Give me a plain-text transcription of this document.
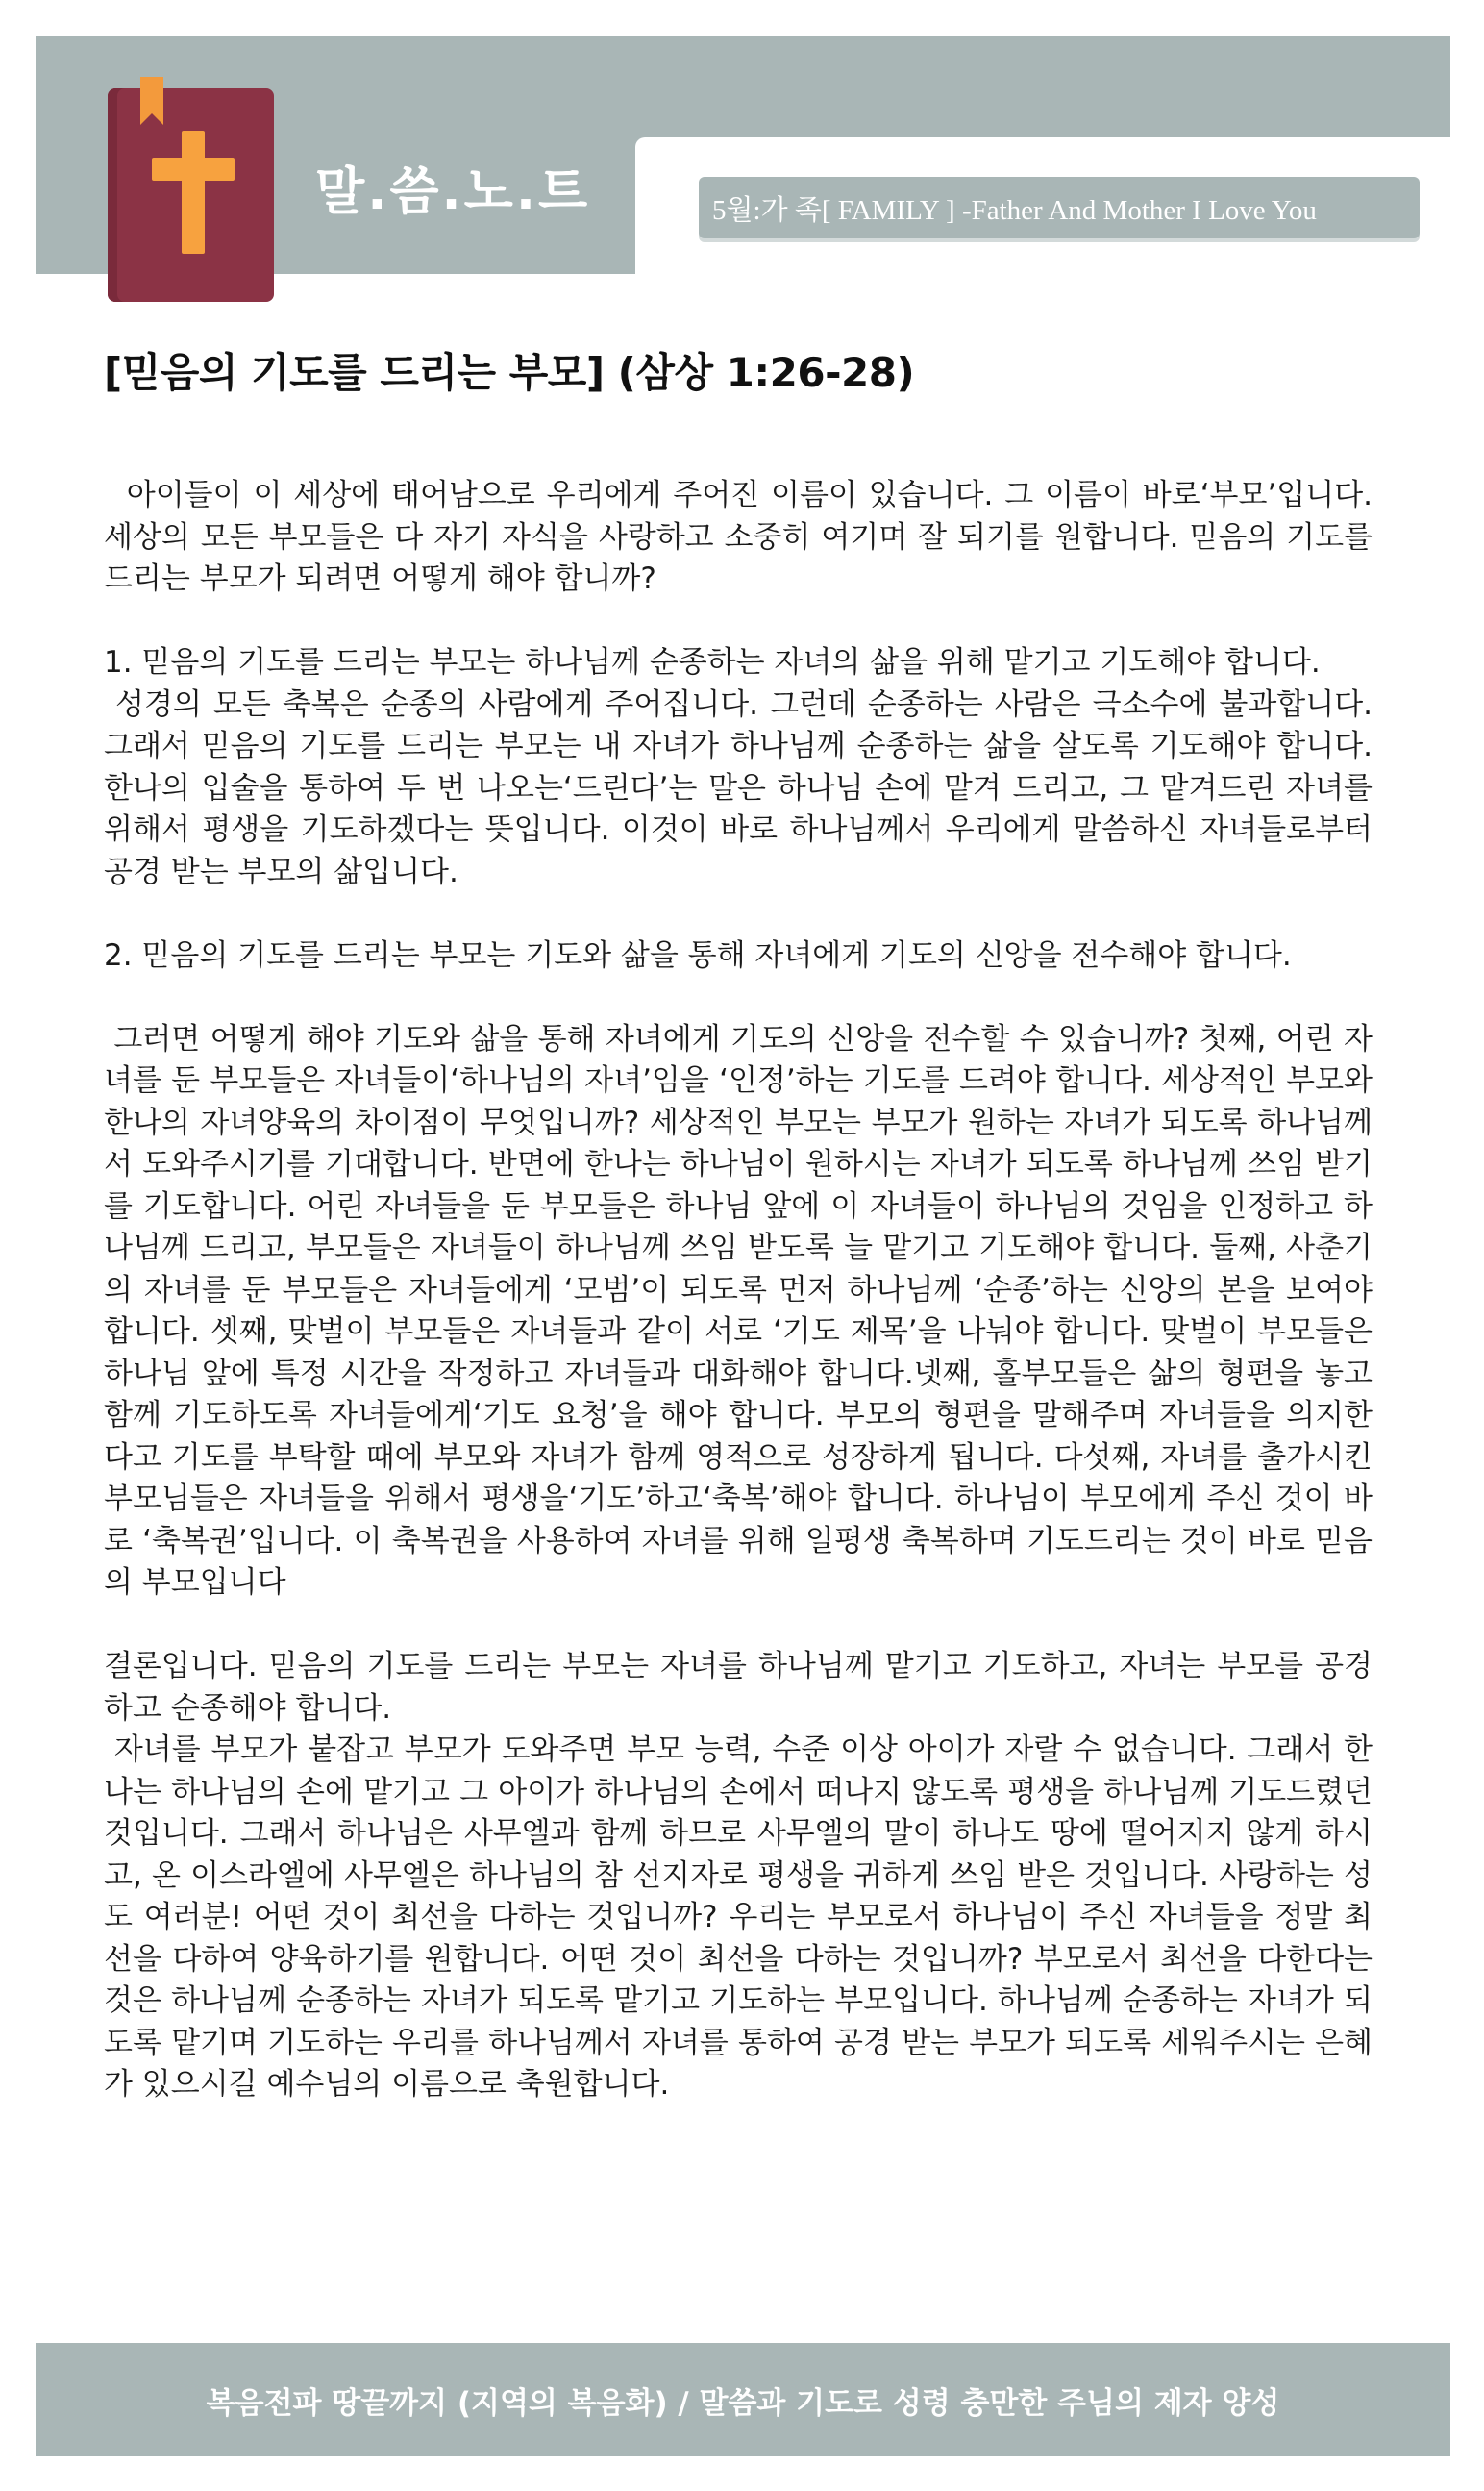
말.씀.노.트	5월:가 족[ FAMILY ] -Father And Mother I Love You
[믿음의 기도를 드리는 부모] (삼상 1:26-28)

아이들이 이 세상에 태어남으로 우리에게 주어진 이름이 있습니다. 그 이름이 바로‘부모’입니다. 세상의 모든 부모들은 다 자기 자식을 사랑하고 소중히 여기며 잘 되기를 원합니다. 믿음의 기도를 드리는 부모가 되려면 어떻게 해야 합니까?

1. 믿음의 기도를 드리는 부모는 하나님께 순종하는 자녀의 삶을 위해 맡기고 기도해야 합니다.

성경의 모든 축복은 순종의 사람에게 주어집니다. 그런데 순종하는 사람은 극소수에 불과합니다. 그래서 믿음의 기도를 드리는 부모는 내 자녀가 하나님께 순종하는 삶을 살도록 기도해야 합니다. 한나의 입술을 통하여 두 번 나오는‘드린다’는 말은 하나님 손에 맡겨 드리고, 그 맡겨드린 자녀를 위해서 평생을 기도하겠다는 뜻입니다. 이것이 바로 하나님께서 우리에게 말씀하신 자녀들로부터 공경 받는 부모의 삶입니다.

2. 믿음의 기도를 드리는 부모는 기도와 삶을 통해 자녀에게 기도의 신앙을 전수해야 합니다.

그러면 어떻게 해야 기도와 삶을 통해 자녀에게 기도의 신앙을 전수할 수 있습니까? 첫째, 어린 자녀를 둔 부모들은 자녀들이‘하나님의 자녀’임을 ‘인정’하는 기도를 드려야 합니다. 세상적인 부모와 한나의 자녀양육의 차이점이 무엇입니까? 세상적인 부모는 부모가 원하는 자녀가 되도록 하나님께서 도와주시기를 기대합니다. 반면에 한나는 하나님이 원하시는 자녀가 되도록 하나님께 쓰임 받기를 기도합니다. 어린 자녀들을 둔 부모들은 하나님 앞에 이 자녀들이 하나님의 것임을 인정하고 하나님께 드리고, 부모들은 자녀들이 하나님께 쓰임 받도록 늘 맡기고 기도해야 합니다. 둘째, 사춘기의 자녀를 둔 부모들은 자녀들에게 ‘모범’이 되도록 먼저 하나님께 ‘순종’하는 신앙의 본을 보여야 합니다. 셋째, 맞벌이 부모들은 자녀들과 같이 서로 ‘기도 제목’을 나눠야 합니다. 맞벌이 부모들은 하나님 앞에 특정 시간을 작정하고 자녀들과 대화해야 합니다.넷째, 홀부모들은 삶의 형편을 놓고 함께 기도하도록 자녀들에게‘기도 요청’을 해야 합니다. 부모의 형편을 말해주며 자녀들을 의지한다고 기도를 부탁할 때에 부모와 자녀가 함께 영적으로 성장하게 됩니다. 다섯째, 자녀를 출가시킨 부모님들은 자녀들을 위해서 평생을‘기도’하고‘축복’해야 합니다. 하나님이 부모에게 주신 것이 바로 ‘축복권’입니다. 이 축복권을 사용하여 자녀를 위해 일평생 축복하며 기도드리는 것이 바로 믿음의 부모입니다

결론입니다. 믿음의 기도를 드리는 부모는 자녀를 하나님께 맡기고 기도하고, 자녀는 부모를 공경하고 순종해야 합니다.

자녀를 부모가 붙잡고 부모가 도와주면 부모 능력, 수준 이상 아이가 자랄 수 없습니다. 그래서 한나는 하나님의 손에 맡기고 그 아이가 하나님의 손에서 떠나지 않도록 평생을 하나님께 기도드렸던 것입니다. 그래서 하나님은 사무엘과 함께 하므로 사무엘의 말이 하나도 땅에 떨어지지 않게 하시고, 온 이스라엘에 사무엘은 하나님의 참 선지자로 평생을 귀하게 쓰임 받은 것입니다. 사랑하는 성도 여러분! 어떤 것이 최선을 다하는 것입니까? 우리는 부모로서 하나님이 주신 자녀들을 정말 최선을 다하여 양육하기를 원합니다. 어떤 것이 최선을 다하는 것입니까? 부모로서 최선을 다한다는 것은 하나님께 순종하는 자녀가 되도록 맡기고 기도하는 부모입니다. 하나님께 순종하는 자녀가 되도록 맡기며 기도하는 우리를 하나님께서 자녀를 통하여 공경 받는 부모가 되도록 세워주시는 은혜가 있으시길 예수님의 이름으로 축원합니다.

복음전파 땅끝까지 (지역의 복음화) / 말씀과 기도로 성령 충만한 주님의 제자 양성
